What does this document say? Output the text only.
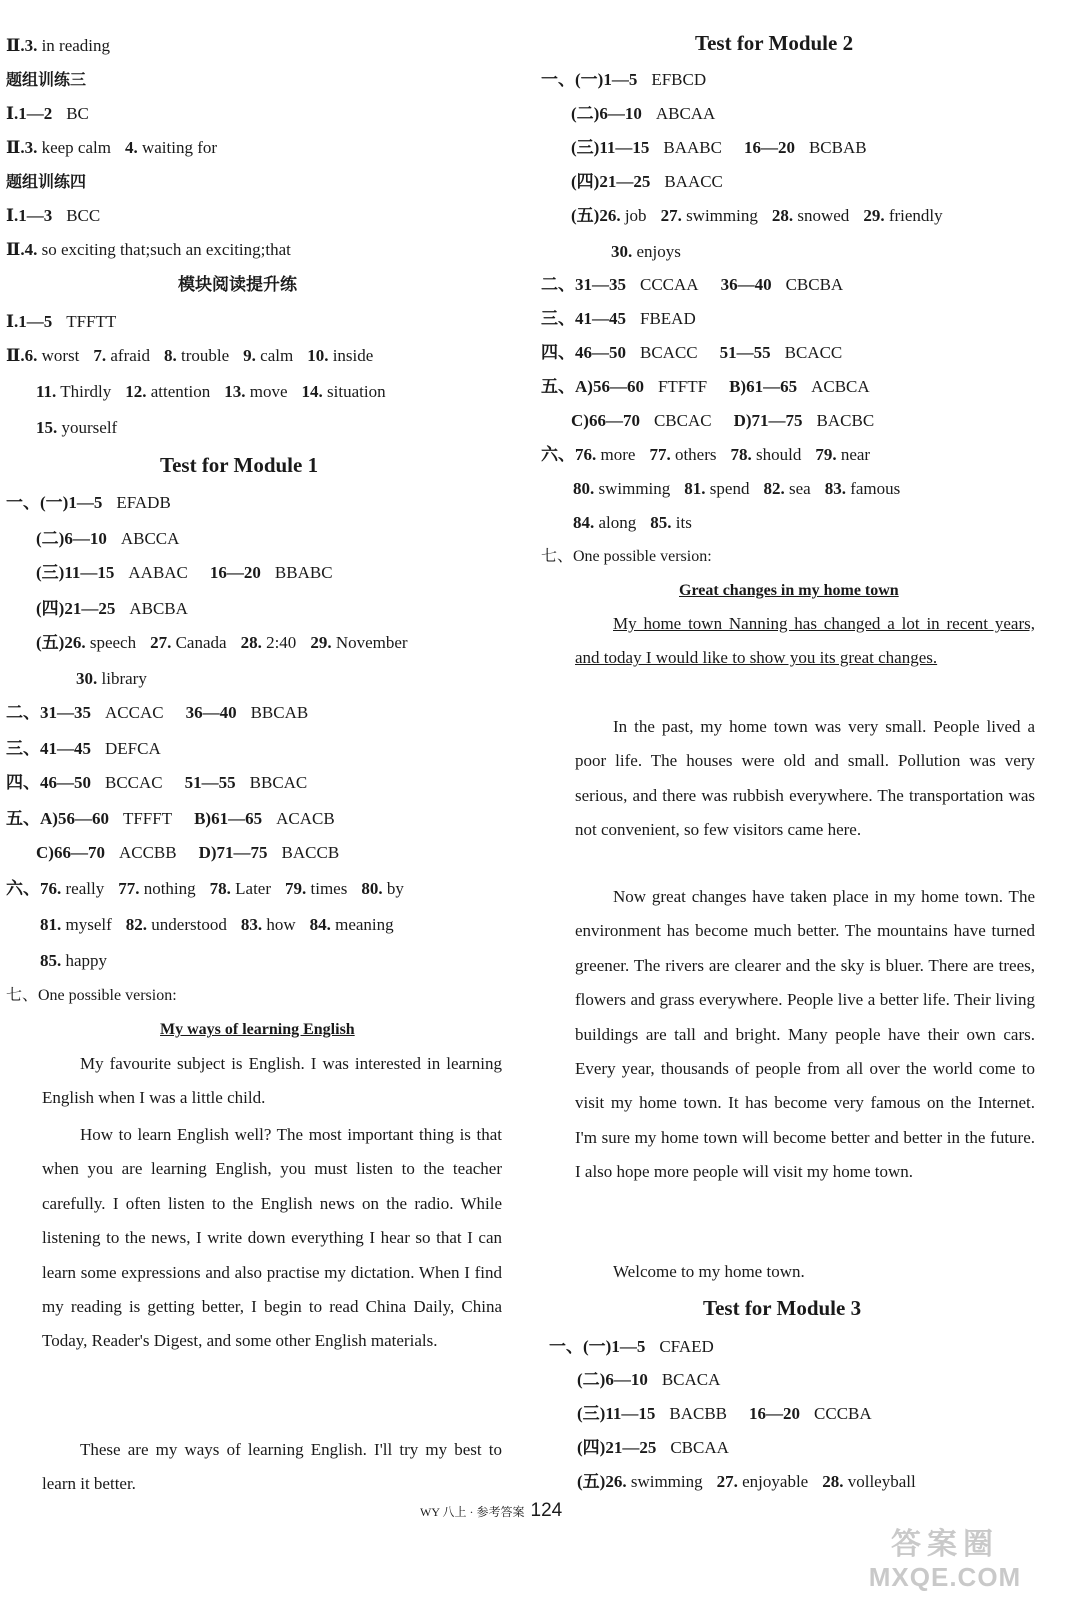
Ⅱ.3. in reading
题组训练三
Ⅰ.1—2 BC
Ⅱ.3. keep calm 4. waiting for
题组训练四
Ⅰ.1—3 BCC
Ⅱ.4. so exciting that;such an exciting;that
模块阅读提升练
Ⅰ.1—5 TFFTT
Ⅱ.6. worst 7. afraid 8. trouble 9. calm 10. inside
11. Thirdly 12. attention 13. move 14. situation
15. yourself
Test for Module 1
一、(一)1—5 EFADB
(二)6—10 ABCCA
(三)11—15 AABAC 16—20 BBABC
(四)21—25 ABCBA
(五)26. speech 27. Canada 28. 2:40 29. November
30. library
二、31—35 ACCAC 36—40 BBCAB
三、41—45 DEFCA
四、46—50 BCCAC 51—55 BBCAC
五、A)56—60 TFFFT B)61—65 ACACB
C)66—70 ACCBB D)71—75 BACCB
六、76. really 77. nothing 78. Later 79. times 80. by
81. myself 82. understood 83. how 84. meaning
85. happy
七、One possible version:
My ways of learning English
My favourite subject is English. I was interested in learning English when I was a little child.
How to learn English well? The most important thing is that when you are learning English, you must listen to the teacher carefully. I often listen to the English news on the radio. While listening to the news, I write down everything I hear so that I can learn some expressions and also practise my dictation. When I find my reading is getting better, I begin to read China Daily, China Today, Reader's Digest, and some other English materials.
These are my ways of learning English. I'll try my best to learn it better.
Test for Module 2
一、(一)1—5 EFBCD
(二)6—10 ABCAA
(三)11—15 BAABC 16—20 BCBAB
(四)21—25 BAACC
(五)26. job 27. swimming 28. snowed 29. friendly
30. enjoys
二、31—35 CCCAA 36—40 CBCBA
三、41—45 FBEAD
四、46—50 BCACC 51—55 BCACC
五、A)56—60 FTFTF B)61—65 ACBCA
C)66—70 CBCAC D)71—75 BACBC
六、76. more 77. others 78. should 79. near
80. swimming 81. spend 82. sea 83. famous
84. along 85. its
七、One possible version:
Great changes in my home town
My home town Nanning has changed a lot in recent years, and today I would like to show you its great changes.
In the past, my home town was very small. People lived a poor life. The houses were old and small. Pollution was very serious, and there was rubbish everywhere. The transportation was not convenient, so few visitors came here.
Now great changes have taken place in my home town. The environment has become much better. The mountains have turned greener. The rivers are clearer and the sky is bluer. There are trees, flowers and grass everywhere. People live a better life. Their living buildings are tall and bright. Many people have their own cars. Every year, thousands of people from all over the world come to visit my home town. It has become very famous on the Internet. I'm sure my home town will become better and better in the future. I also hope more people will visit my home town.
Welcome to my home town.
Test for Module 3
一、(一)1—5 CFAED
(二)6—10 BCACA
(三)11—15 BACBB 16—20 CCCBA
(四)21—25 CBCAA
(五)26. swimming 27. enjoyable 28. volleyball
WY 八上 · 参考答案 124
答案圈
MXQE.COM
